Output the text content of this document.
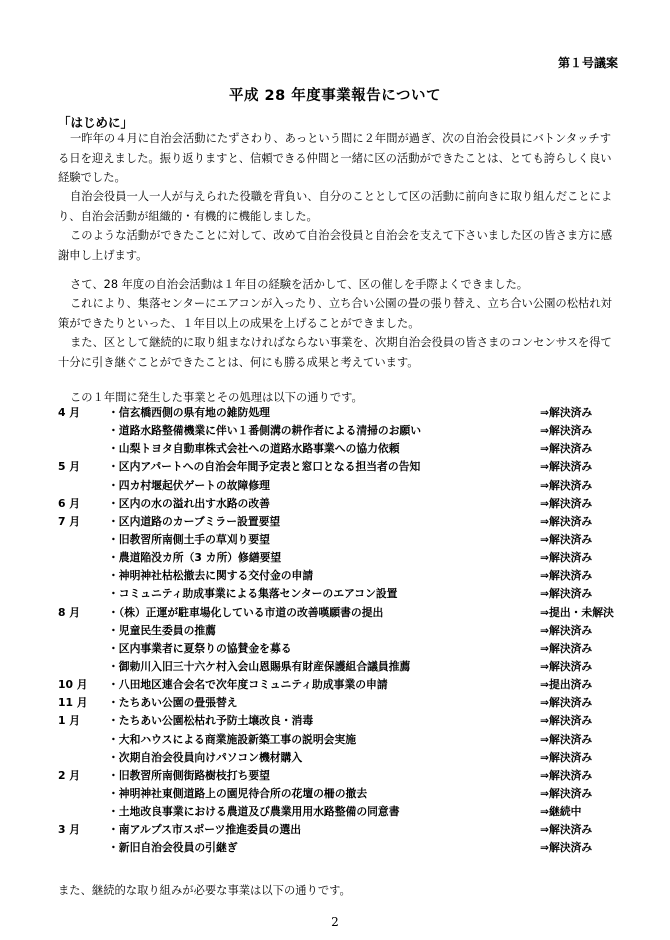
第１号議案
平成 28 年度事業報告について
「はじめに」

一昨年の４月に自治会活動にたずさわり、あっという間に２年間が過ぎ、次の自治会役員にバトンタッチする日を迎えました。振り返りますと、信頼できる仲間と一緒に区の活動ができたことは、とても誇らしく良い経験でした。

自治会役員一人一人が与えられた役職を背負い、自分のこととして区の活動に前向きに取り組んだことにより、自治会活動が組織的・有機的に機能しました。

このような活動ができたことに対して、改めて自治会役員と自治会を支えて下さいました区の皆さま方に感謝申し上げます。

さて、28 年度の自治会活動は１年目の経験を活かして、区の催しを手際よくできました。

これにより、集落センターにエアコンが入ったり、立ち合い公園の畳の張り替え、立ち合い公園の松枯れ対策ができたりといった、１年目以上の成果を上げることができました。

また、区として継続的に取り組まなければならない事業を、次期自治会役員の皆さまのコンセンサスを得て十分に引き継ぐことができたことは、何にも勝る成果と考えています。

この１年間に発生した事業とその処理は以下の通りです。
4 月	・信玄橋西側の県有地の雑防処理	⇒解決済み
・道路水路整備機業に伴い１番側溝の耕作者による清掃のお願い	⇒解決済み
・山梨トヨタ自動車株式会社への道路水路事業への協力依頼	⇒解決済み
5 月	・区内アパートへの自治会年間予定表と窓口となる担当者の告知	⇒解決済み
・四カ村堰起伏ゲートの故障修理	⇒解決済み
6 月	・区内の水の溢れ出す水路の改善	⇒解決済み
7 月	・区内道路のカーブミラー設置要望	⇒解決済み
・旧教習所南側土手の草刈り要望	⇒解決済み
・農道陥没カ所（3 カ所）修繕要望	⇒解決済み
・神明神社枯松撤去に関する交付金の申請	⇒解決済み
・コミュニティ助成事業による集落センターのエアコン設置	⇒解決済み
8 月	・（株）正運が駐車場化している市道の改善嘆願書の提出	⇒提出・未解決
・児童民生委員の推薦	⇒解決済み
・区内事業者に夏祭りの協賛金を募る	⇒解決済み
・御勅川入旧三十六ケ村入会山恩賜県有財産保護組合議員推薦	⇒解決済み
10 月 ・八田地区連合会名で次年度コミュニティ助成事業の申請	⇒提出済み
11 月 ・たちあい公園の畳張替え	⇒解決済み
1 月	・たちあい公園松枯れ予防土壌改良・消毒	⇒解決済み
・大和ハウスによる商業施設新築工事の説明会実施	⇒解決済み
・次期自治会役員向けパソコン機材購入	⇒解決済み
2 月	・旧教習所南側街路樹枝打ち要望	⇒解決済み
・神明神社東側道路上の園児待合所の花壇の柵の撤去	⇒解決済み
・土地改良事業における農道及び農業用用水路整備の同意書	⇒継続中
3 月	・南アルプス市スポーツ推進委員の選出	⇒解決済み
・新旧自治会役員の引継ぎ	⇒解決済み
また、継続的な取り組みが必要な事業は以下の通りです。
2
